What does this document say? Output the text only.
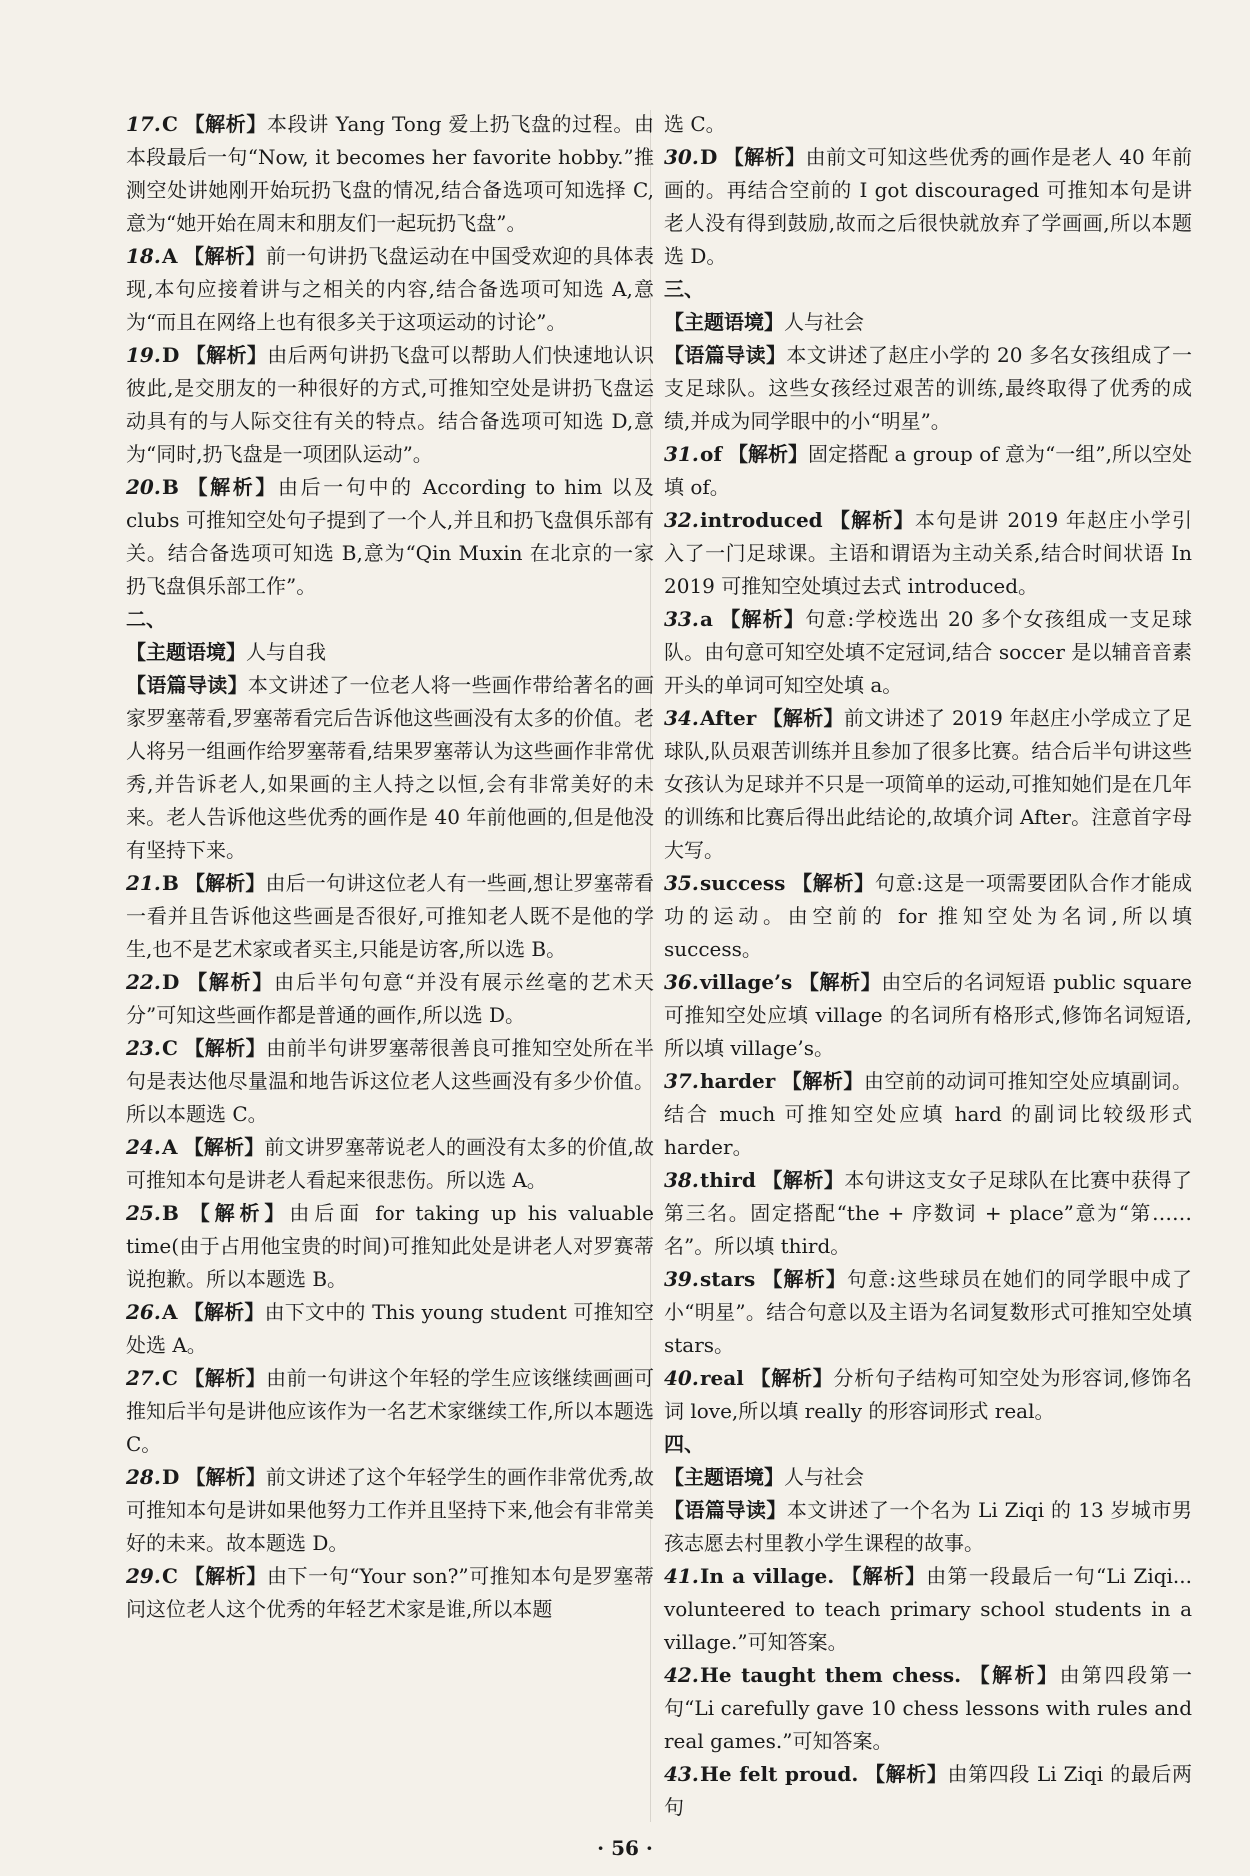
17.C 【解析】本段讲 Yang Tong 爱上扔飞盘的过程。由本段最后一句“Now, it becomes her favorite hobby.”推测空处讲她刚开始玩扔飞盘的情况,结合备选项可知选择 C,意为“她开始在周末和朋友们一起玩扔飞盘”。
18.A 【解析】前一句讲扔飞盘运动在中国受欢迎的具体表现,本句应接着讲与之相关的内容,结合备选项可知选 A,意为“而且在网络上也有很多关于这项运动的讨论”。
19.D 【解析】由后两句讲扔飞盘可以帮助人们快速地认识彼此,是交朋友的一种很好的方式,可推知空处是讲扔飞盘运动具有的与人际交往有关的特点。结合备选项可知选 D,意为“同时,扔飞盘是一项团队运动”。
20.B 【解析】由后一句中的 According to him 以及 clubs 可推知空处句子提到了一个人,并且和扔飞盘俱乐部有关。结合备选项可知选 B,意为“Qin Muxin 在北京的一家扔飞盘俱乐部工作”。
二、
【主题语境】人与自我
【语篇导读】本文讲述了一位老人将一些画作带给著名的画家罗塞蒂看,罗塞蒂看完后告诉他这些画没有太多的价值。老人将另一组画作给罗塞蒂看,结果罗塞蒂认为这些画作非常优秀,并告诉老人,如果画的主人持之以恒,会有非常美好的未来。老人告诉他这些优秀的画作是 40 年前他画的,但是他没有坚持下来。
21.B 【解析】由后一句讲这位老人有一些画,想让罗塞蒂看一看并且告诉他这些画是否很好,可推知老人既不是他的学生,也不是艺术家或者买主,只能是访客,所以选 B。
22.D 【解析】由后半句句意“并没有展示丝毫的艺术天分”可知这些画作都是普通的画作,所以选 D。
23.C 【解析】由前半句讲罗塞蒂很善良可推知空处所在半句是表达他尽量温和地告诉这位老人这些画没有多少价值。所以本题选 C。
24.A 【解析】前文讲罗塞蒂说老人的画没有太多的价值,故可推知本句是讲老人看起来很悲伤。所以选 A。
25.B 【解析】由后面 for taking up his valuable time(由于占用他宝贵的时间)可推知此处是讲老人对罗赛蒂说抱歉。所以本题选 B。
26.A 【解析】由下文中的 This young student 可推知空处选 A。
27.C 【解析】由前一句讲这个年轻的学生应该继续画画可推知后半句是讲他应该作为一名艺术家继续工作,所以本题选 C。
28.D 【解析】前文讲述了这个年轻学生的画作非常优秀,故可推知本句是讲如果他努力工作并且坚持下来,他会有非常美好的未来。故本题选 D。
29.C 【解析】由下一句“Your son?”可推知本句是罗塞蒂问这位老人这个优秀的年轻艺术家是谁,所以本题
选 C。
30.D 【解析】由前文可知这些优秀的画作是老人 40 年前画的。再结合空前的 I got discouraged 可推知本句是讲老人没有得到鼓励,故而之后很快就放弃了学画画,所以本题选 D。
三、
【主题语境】人与社会
【语篇导读】本文讲述了赵庄小学的 20 多名女孩组成了一支足球队。这些女孩经过艰苦的训练,最终取得了优秀的成绩,并成为同学眼中的小“明星”。
31.of 【解析】固定搭配 a group of 意为“一组”,所以空处填 of。
32.introduced 【解析】本句是讲 2019 年赵庄小学引入了一门足球课。主语和谓语为主动关系,结合时间状语 In 2019 可推知空处填过去式 introduced。
33.a 【解析】句意:学校选出 20 多个女孩组成一支足球队。由句意可知空处填不定冠词,结合 soccer 是以辅音音素开头的单词可知空处填 a。
34.After 【解析】前文讲述了 2019 年赵庄小学成立了足球队,队员艰苦训练并且参加了很多比赛。结合后半句讲这些女孩认为足球并不只是一项简单的运动,可推知她们是在几年的训练和比赛后得出此结论的,故填介词 After。注意首字母大写。
35.success 【解析】句意:这是一项需要团队合作才能成功的运动。由空前的 for 推知空处为名词,所以填 success。
36.village’s 【解析】由空后的名词短语 public square 可推知空处应填 village 的名词所有格形式,修饰名词短语,所以填 village’s。
37.harder 【解析】由空前的动词可推知空处应填副词。结合 much 可推知空处应填 hard 的副词比较级形式 harder。
38.third 【解析】本句讲这支女子足球队在比赛中获得了第三名。固定搭配“the + 序数词 + place”意为“第……名”。所以填 third。
39.stars 【解析】句意:这些球员在她们的同学眼中成了小“明星”。结合句意以及主语为名词复数形式可推知空处填 stars。
40.real 【解析】分析句子结构可知空处为形容词,修饰名词 love,所以填 really 的形容词形式 real。
四、
【主题语境】人与社会
【语篇导读】本文讲述了一个名为 Li Ziqi 的 13 岁城市男孩志愿去村里教小学生课程的故事。
41.In a village. 【解析】由第一段最后一句“Li Ziqi... volunteered to teach primary school students in a village.”可知答案。
42.He taught them chess. 【解析】由第四段第一句“Li carefully gave 10 chess lessons with rules and real games.”可知答案。
43.He felt proud. 【解析】由第四段 Li Ziqi 的最后两句
· 56 ·
